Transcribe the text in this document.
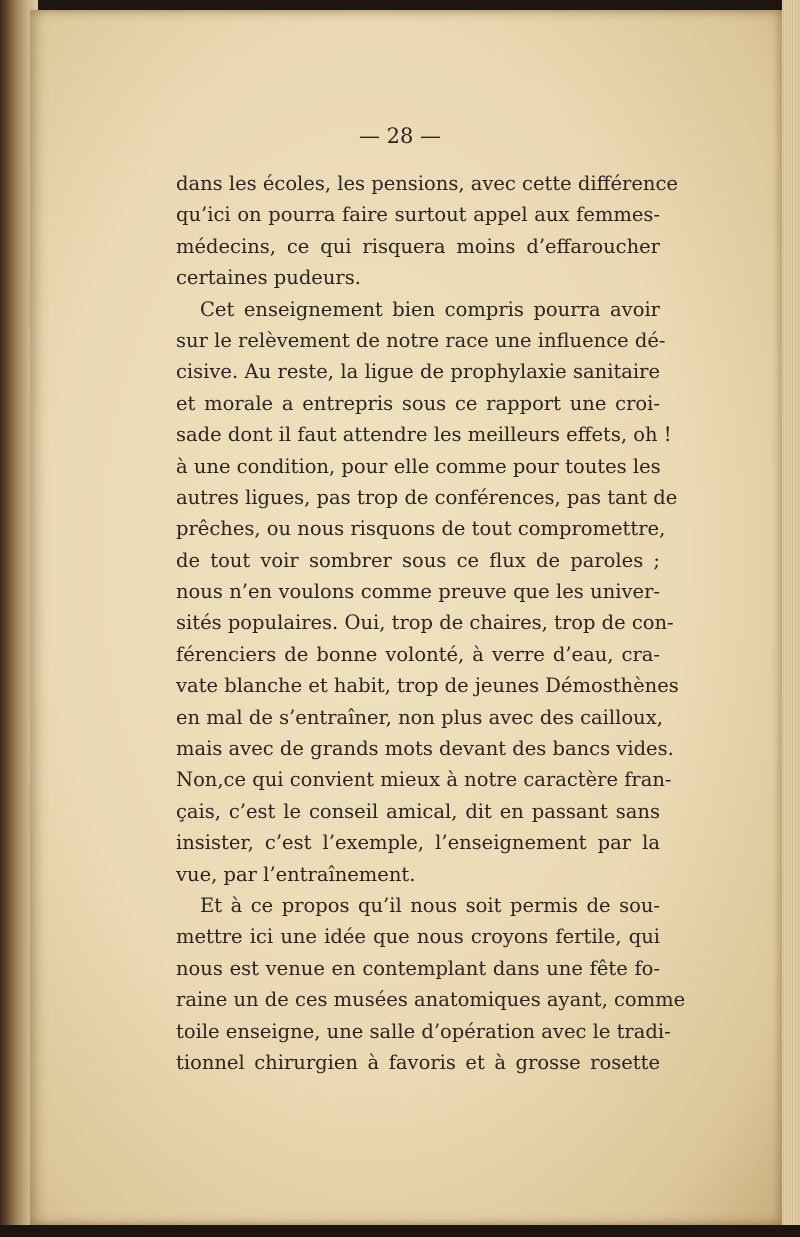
— 28 —
dans les écoles, les pensions, avec cette différence
qu’ici on pourra faire surtout appel aux femmes-
médecins, ce qui risquera moins d’effaroucher
certaines pudeurs.
Cet enseignement bien compris pourra avoir
sur le relèvement de notre race une influence dé-
cisive. Au reste, la ligue de prophylaxie sanitaire
et morale a entrepris sous ce rapport une croi-
sade dont il faut attendre les meilleurs effets, oh !
à une condition, pour elle comme pour toutes les
autres ligues, pas trop de conférences, pas tant de
prêches, ou nous risquons de tout compromettre,
de tout voir sombrer sous ce flux de paroles ;
nous n’en voulons comme preuve que les univer-
sités populaires. Oui, trop de chaires, trop de con-
férenciers de bonne volonté, à verre d’eau, cra-
vate blanche et habit, trop de jeunes Démosthènes
en mal de s’entraîner, non plus avec des cailloux,
mais avec de grands mots devant des bancs vides.
Non,ce qui convient mieux à notre caractère fran-
çais, c’est le conseil amical, dit en passant sans
insister, c’est l’exemple, l’enseignement par la
vue, par l’entraînement.
Et à ce propos qu’il nous soit permis de sou-
mettre ici une idée que nous croyons fertile, qui
nous est venue en contemplant dans une fête fo-
raine un de ces musées anatomiques ayant, comme
toile enseigne, une salle d’opération avec le tradi-
tionnel chirurgien à favoris et à grosse rosette
